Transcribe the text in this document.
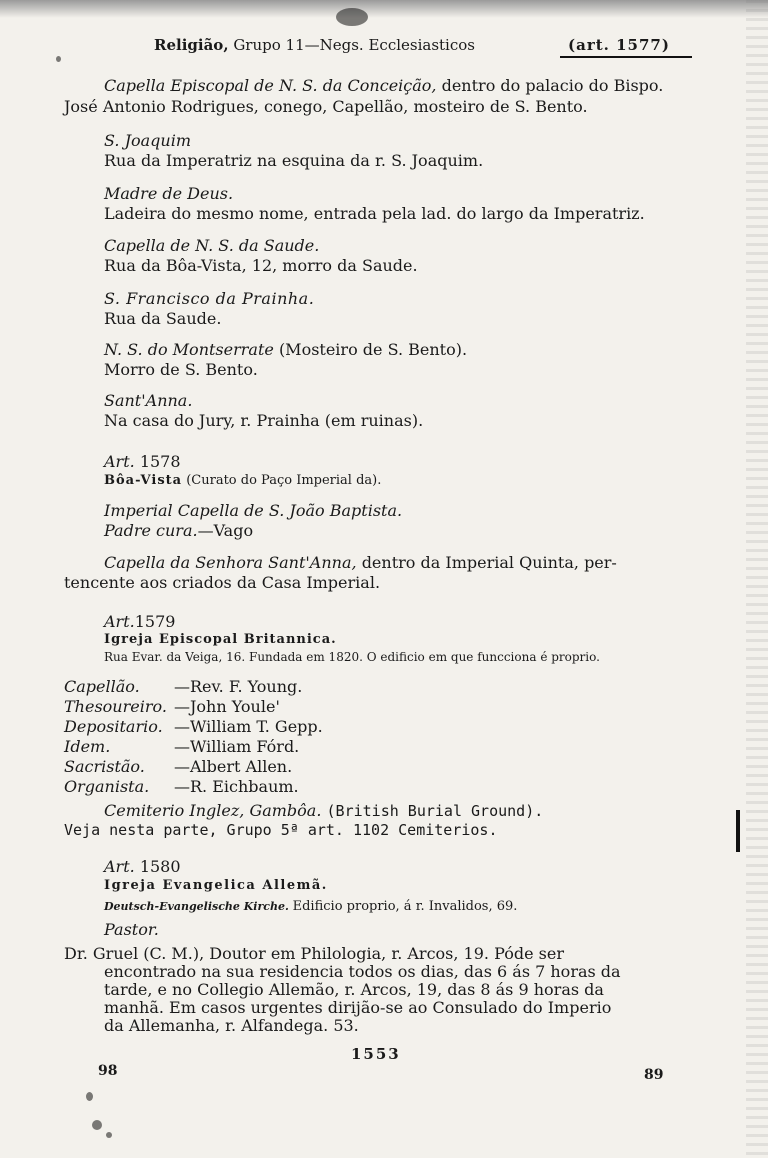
Religião, Grupo 11—Negs. Ecclesiasticos	(art. 1577)
Capella Episcopal de N. S. da Conceição, dentro do palacio do Bispo.
José Antonio Rodrigues, conego, Capellão, mosteiro de S. Bento.
S. Joaquim
Rua da Imperatriz na esquina da r. S. Joaquim.
Madre de Deus.
Ladeira do mesmo nome, entrada pela lad. do largo da Imperatriz.
Capella de N. S. da Saude.
Rua da Bôa-Vista, 12, morro da Saude.
S. Francisco da Prainha.
Rua da Saude.
N. S. do Montserrate (Mosteiro de S. Bento).
Morro de S. Bento.
Sant'Anna.
Na casa do Jury, r. Prainha (em ruinas).
Art. 1578
Bôa-Vista (Curato do Paço Imperial da).
Imperial Capella de S. João Baptista.
Padre cura.—Vago
Capella da Senhora Sant'Anna, dentro da Imperial Quinta, per-
tencente aos criados da Casa Imperial.
Art.1579
Igreja Episcopal Britannica.
Rua Evar. da Veiga, 16. Fundada em 1820. O edificio em que funcciona é proprio.
Capellão. —Rev. F. Young.
Thesoureiro. —John Youle'
Depositario. —William T. Gepp.
Idem.	—William Fórd.
Sacristão. —Albert Allen.
Organista. —R. Eichbaum.
Cemiterio Inglez, Gambôa. (British Burial Ground).
Veja nesta parte, Grupo 5ª art. 1102 Cemiterios.
Art. 1580
Igreja Evangelica Allemã.
Deutsch-Evangelische Kirche. Edificio proprio, á r. Invalidos, 69.
Pastor.
Dr. Gruel (C. M.), Doutor em Philologia, r. Arcos, 19. Póde ser
encontrado na sua residencia todos os dias, das 6 ás 7 horas da
tarde, e no Collegio Allemão, r. Arcos, 19, das 8 ás 9 horas da
manhã. Em casos urgentes dirijão-se ao Consulado do Imperio
da Allemanha, r. Alfandega. 53.
1553
98	89
